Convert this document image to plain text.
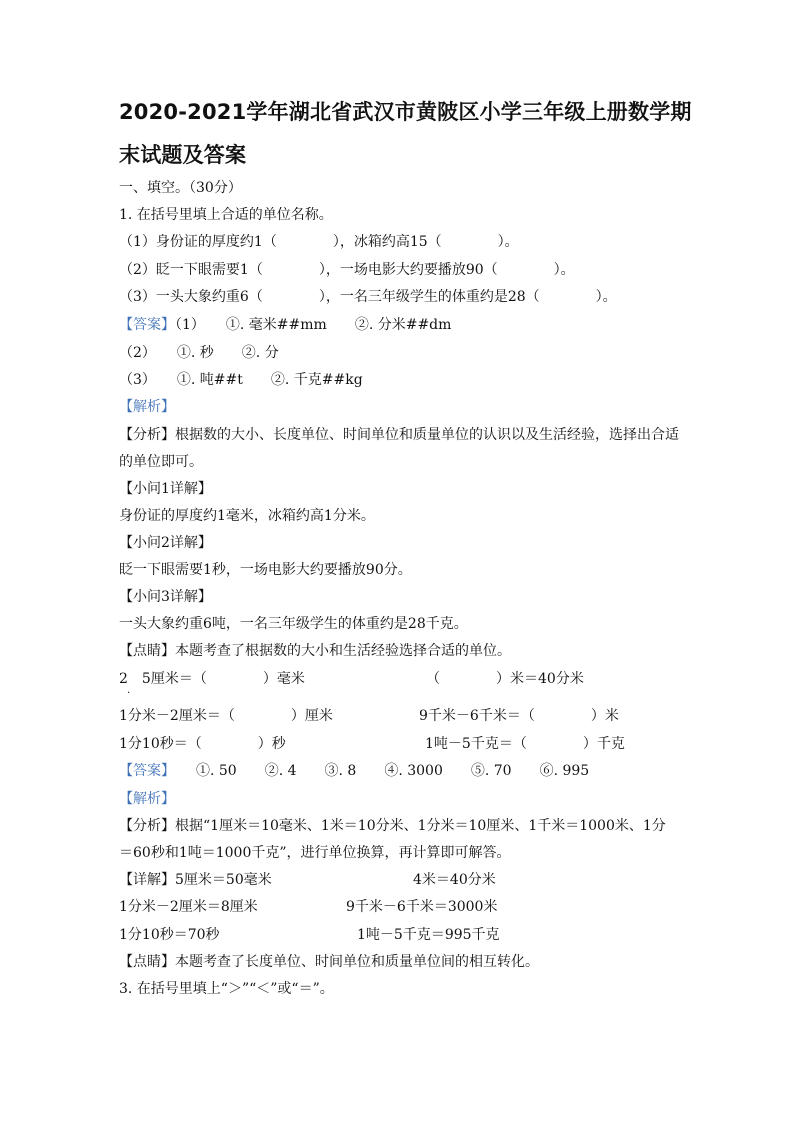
2020-2021学年湖北省武汉市黄陂区小学三年级上册数学期
末试题及答案
一、填空。（30分）
1. 在括号里填上合适的单位名称。
（1）身份证的厚度约1（　　　　），冰箱约高15（　　　　）。
（2）眨一下眼需要1（　　　　），一场电影大约要播放90（　　　　）。
（3）一头大象约重6（　　　　），一名三年级学生的体重约是28（　　　　）。
【答案】（1）　　①. 毫米##mm　　②. 分米##dm
（2）　　①. 秒　　②. 分
（3）　　①. 吨##t　　②. 千克##kg
【解析】
【分析】根据数的大小、长度单位、时间单位和质量单位的认识以及生活经验，选择出合适
的单位即可。
【小问1详解】
身份证的厚度约1毫米，冰箱约高1分米。
【小问2详解】
眨一下眼需要1秒，一场电影大约要播放90分。
【小问3详解】
一头大象约重6吨，一名三年级学生的体重约是28千克。
【点睛】本题考查了根据数的大小和生活经验选择合适的单位。
2　5厘米＝（　　　　）毫米	（　　　　）米＝40分米
·
1分米－2厘米＝（　　　　）厘米	9千米－6千米＝（　　　　）米
1分10秒＝（　　　　）秒	1吨－5千克＝（　　　　）千克
【答案】　　①. 50　　②. 4　　③. 8　　④. 3000　　⑤. 70　　⑥. 995
【解析】
【分析】根据“1厘米＝10毫米、1米＝10分米、1分米＝10厘米、1千米＝1000米、1分
＝60秒和1吨＝1000千克”，进行单位换算，再计算即可解答。
【详解】5厘米＝50毫米	4米＝40分米
1分米－2厘米＝8厘米	9千米－6千米＝3000米
1分10秒＝70秒	1吨－5千克＝995千克
【点睛】本题考查了长度单位、时间单位和质量单位间的相互转化。
3. 在括号里填上“＞”“＜”或“＝”。
